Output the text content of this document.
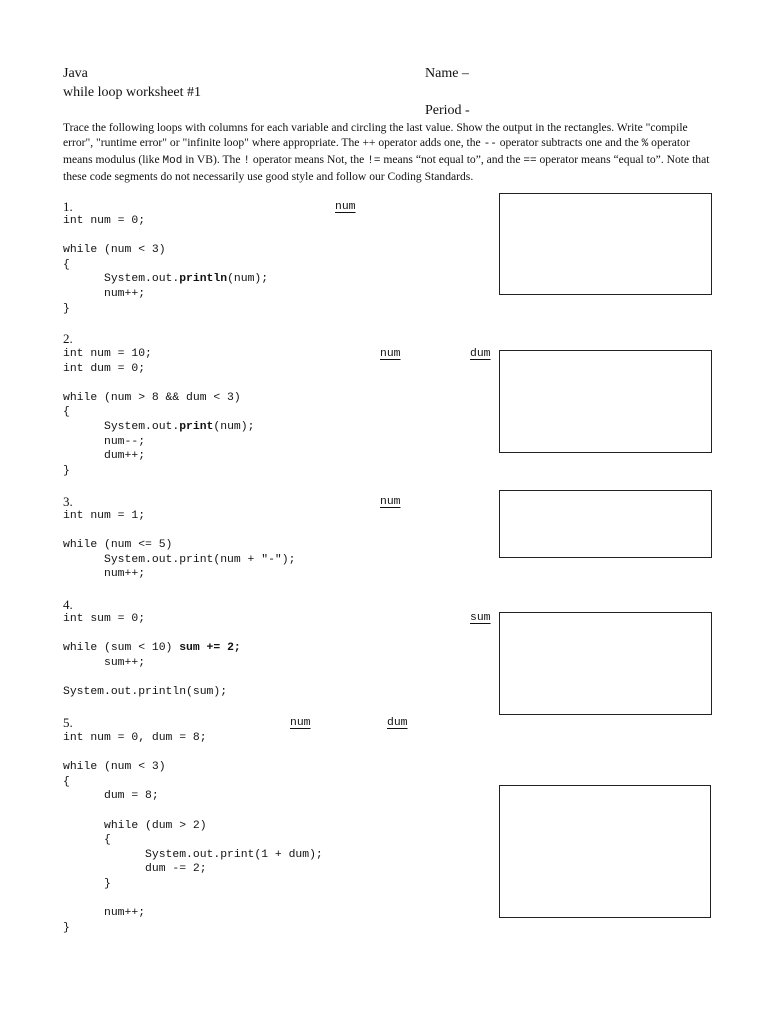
Java
while loop worksheet #1
Name –
Period -
Trace the following loops with columns for each variable and circling the last value. Show the output in the rectangles. Write "compile error", "runtime error" or "infinite loop" where appropriate. The ++ operator adds one, the -- operator subtracts one and the % operator means modulus (like Mod in VB). The ! operator means Not, the != means “not equal to”, and the == operator means “equal to”. Note that these code segments do not necessarily use good style and follow our Coding Standards.
1.	num
int num = 0;

while (num < 3)
{
System.out.println(num);
num++;
}
2.
num	dum
int num = 10;
int dum = 0;

while (num > 8 && dum < 3)
{
System.out.print(num);
num--;
dum++;
}
3.	num
int num = 1;

while (num <= 5)
System.out.print(num + "-");
num++;
4.
sum
int sum = 0;

while (sum < 10) sum += 2;
sum++;

System.out.println(sum);
5.	num	dum
int num = 0, dum = 8;

while (num < 3)
{
dum = 8;

while (dum > 2)
{
System.out.print(1 + dum);
dum -= 2;
}

num++;
}
